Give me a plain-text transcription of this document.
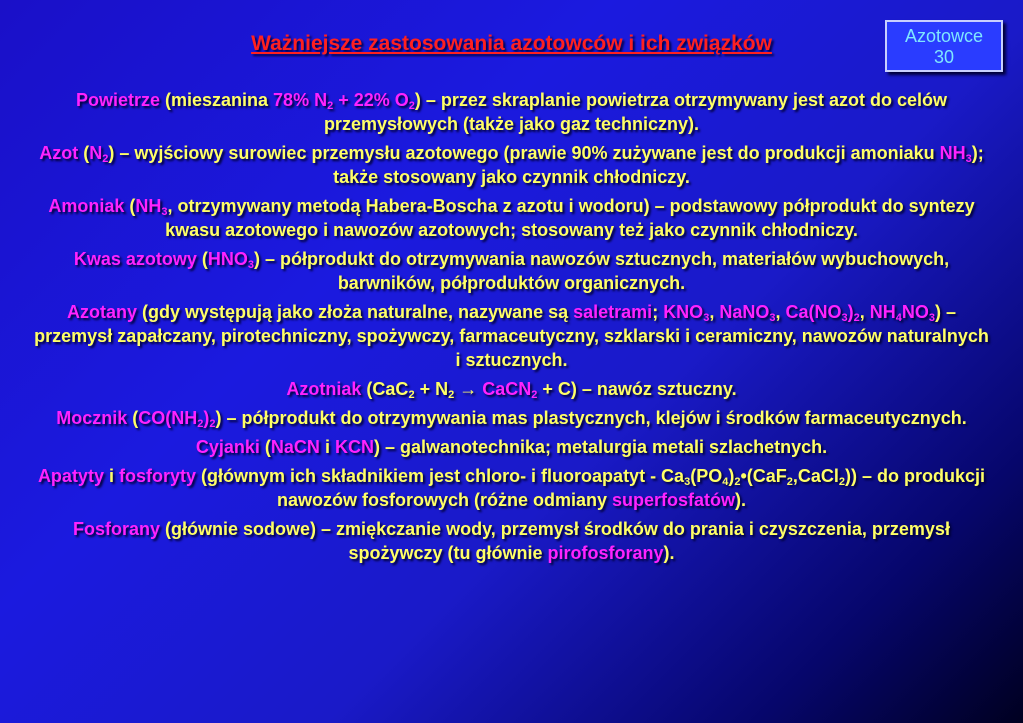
Azotowce
30
Ważniejsze zastosowania azotowców i ich związków

Powietrze (mieszanina 78% $N_2 + 22\%$ $O_2$) – przez skraplanie powietrza otrzymywany jest azot do celów przemysłowych (także jako gaz techniczny).

Azot $(N_2)$ – wyjściowy surowiec przemysłu azotowego (prawie 90% zużywane jest do produkcji amoniaku $NH_3$); także stosowany jako czynnik chłodniczy.

Amoniak ($NH_3$, otrzymywany metodą Habera-Boscha z azotu i wodoru) – podstawowy półprodukt do syntezy kwasu azotowego i nawozów azotowych; stosowany też jako czynnik chłodniczy.

Kwas azotowy $(HNO_3)$ – półprodukt do otrzymywania nawozów sztucznych, materiałów wybuchowych, barwników, półproduktów organicznych.

Azotany (gdy występują jako złoża naturalne, nazywane są saletrami; $KNO_3$, NaNO$_3$, $Ca(NO_3)_2$, $NH_4NO_3$) – przemysł zapałczany, pirotechniczny, spożywczy, farmaceutyczny, szklarski i ceramiczny, nawozów naturalnych i sztucznych.

Azotniak ($CaC_2 + N_2$ → CaCN$_2$ + C) – nawóz sztuczny.

Mocznik $(CO(NH_2)_2)$ – półprodukt do otrzymywania mas plastycznych, klejów i środków farmaceutycznych.

Cyjanki (NaCN i KCN) – galwanotechnika; metalurgia metali szlachetnych.

Apatyty i fosforyty (głównym ich składnikiem jest chloro- i fluoroapatyt - $Ca_3(PO_4)_2•(CaF_2,CaCl_2)$) – do produkcji nawozów fosforowych (różne odmiany superfosfatów).

Fosforany (głównie sodowe) – zmiękczanie wody, przemysł środków do prania i czyszczenia, przemysł spożywczy (tu głównie pirofosforany).
